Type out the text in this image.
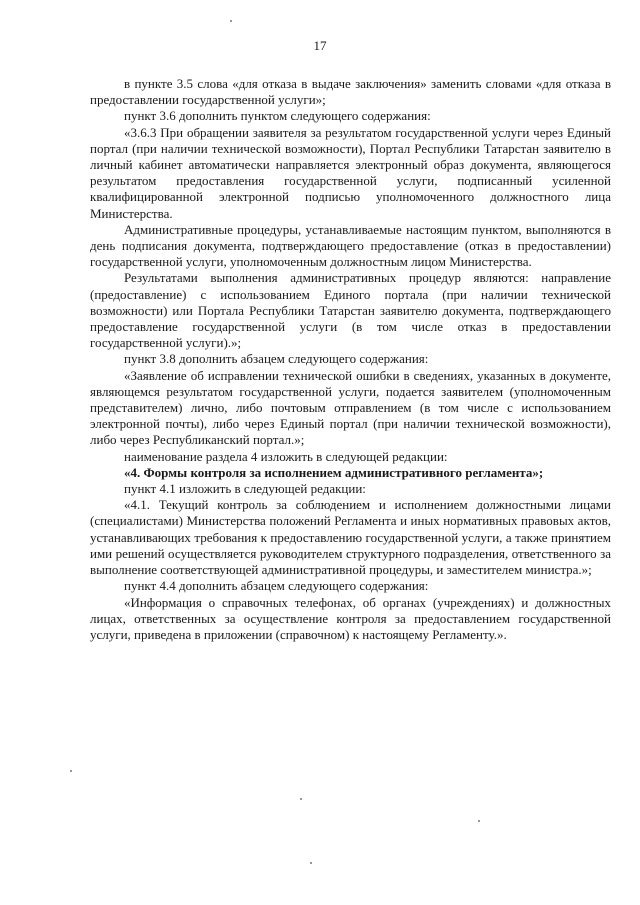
17

в пункте 3.5 слова «для отказа в выдаче заключения» заменить словами «для отказа в предоставлении государственной услуги»;

пункт 3.6 дополнить пунктом следующего содержания:

«3.6.3 При обращении заявителя за результатом государственной услуги через Единый портал (при наличии технической возможности), Портал Республики Татарстан заявителю в личный кабинет автоматически направляется электронный образ документа, являющегося результатом предоставления государственной услуги, подписанный усиленной квалифицированной электронной подписью уполномоченного должностного лица Министерства.

Административные процедуры, устанавливаемые настоящим пунктом, выполняются в день подписания документа, подтверждающего предоставление (отказ в предоставлении) государственной услуги, уполномоченным должностным лицом Министерства.

Результатами выполнения административных процедур являются: направление (предоставление) с использованием Единого портала (при наличии технической возможности) или Портала Республики Татарстан заявителю документа, подтверждающего предоставление государственной услуги (в том числе отказ в предоставлении государственной услуги).»;

пункт 3.8 дополнить абзацем следующего содержания:

«Заявление об исправлении технической ошибки в сведениях, указанных в документе, являющемся результатом государственной услуги, подается заявителем (уполномоченным представителем) лично, либо почтовым отправлением (в том числе с использованием электронной почты), либо через Единый портал (при наличии технической возможности), либо через Республиканский портал.»;

наименование раздела 4 изложить в следующей редакции:

«4. Формы контроля за исполнением административного регламента»;

пункт 4.1 изложить в следующей редакции:

«4.1. Текущий контроль за соблюдением и исполнением должностными лицами (специалистами) Министерства положений Регламента и иных нормативных правовых актов, устанавливающих требования к предоставлению государственной услуги, а также принятием ими решений осуществляется руководителем структурного подразделения, ответственного за выполнение соответствующей административной процедуры, и заместителем министра.»;

пункт 4.4 дополнить абзацем следующего содержания:

«Информация о справочных телефонах, об органах (учреждениях) и должностных лицах, ответственных за осуществление контроля за предоставлением государственной услуги, приведена в приложении (справочном) к настоящему Регламенту.».
